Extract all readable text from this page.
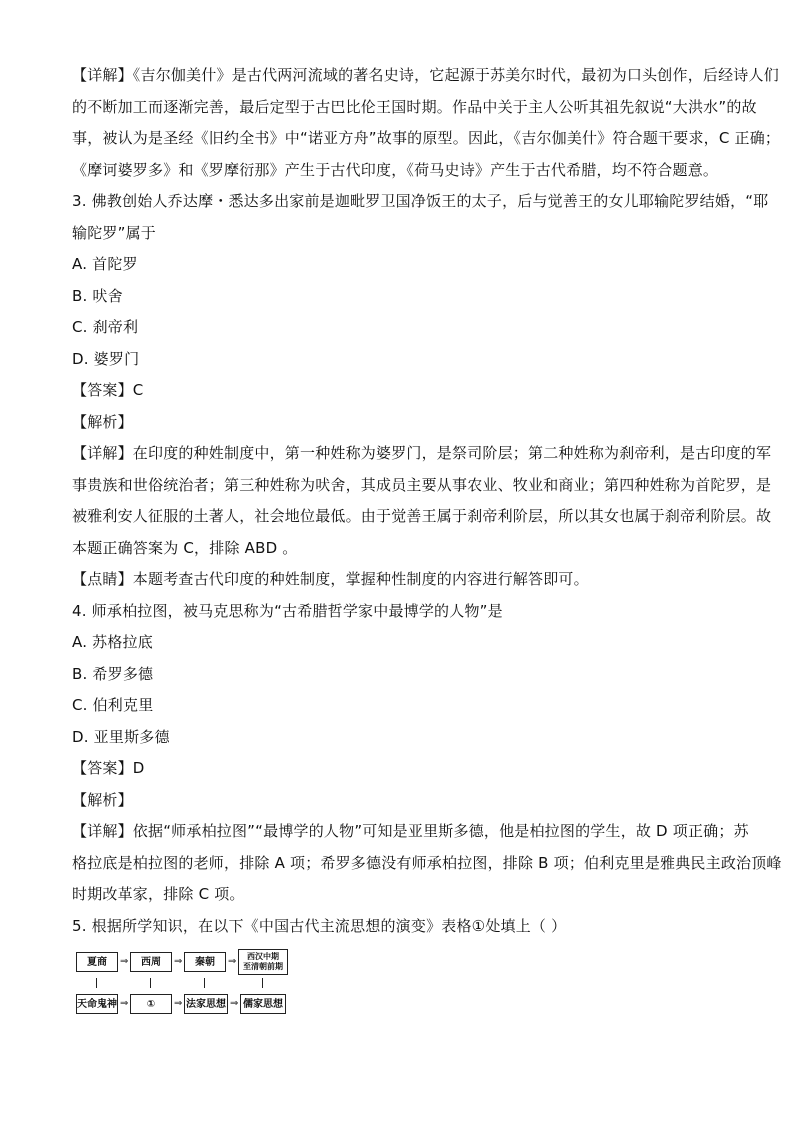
【详解】《吉尔伽美什》是古代两河流域的著名史诗，它起源于苏美尔时代，最初为口头创作，后经诗人们

的不断加工而逐渐完善，最后定型于古巴比伦王国时期。作品中关于主人公听其祖先叙说“大洪水”的故

事，被认为是圣经《旧约全书》中“诺亚方舟”故事的原型。因此，《吉尔伽美什》符合题干要求，C 正确；

《摩诃婆罗多》和《罗摩衍那》产生于古代印度，《荷马史诗》产生于古代希腊，均不符合题意。

3. 佛教创始人乔达摩・悉达多出家前是迦毗罗卫国净饭王的太子，后与觉善王的女儿耶输陀罗结婚，“耶

输陀罗”属于

A. 首陀罗

B. 吠舍

C. 刹帝利

D. 婆罗门

【答案】C

【解析】

【详解】在印度的种姓制度中，第一种姓称为婆罗门，是祭司阶层；第二种姓称为刹帝利，是古印度的军

事贵族和世俗统治者；第三种姓称为吠舍，其成员主要从事农业、牧业和商业；第四种姓称为首陀罗，是

被雅利安人征服的土著人，社会地位最低。由于觉善王属于刹帝利阶层，所以其女也属于刹帝利阶层。故

本题正确答案为 C，排除 ABD 。

【点睛】本题考查古代印度的种姓制度，掌握种性制度的内容进行解答即可。

4. 师承柏拉图，被马克思称为“古希腊哲学家中最博学的人物”是

A. 苏格拉底

B. 希罗多德

C. 伯利克里

D. 亚里斯多德

【答案】D

【解析】

【详解】依据“师承柏拉图”“最博学的人物”可知是亚里斯多德，他是柏拉图的学生，故 D 项正确；苏

格拉底是柏拉图的老师，排除 A 项；希罗多德没有师承柏拉图，排除 B 项；伯利克里是雅典民主政治顶峰

时期改革家，排除 C 项。

5. 根据所学知识，在以下《中国古代主流思想的演变》表格①处填上（ ）

夏商	⇒	西周	⇒	秦朝	⇒ 西汉中期
至清朝前期
天命鬼神 ⇒	①	⇒ 法家思想 ⇒ 儒家思想
